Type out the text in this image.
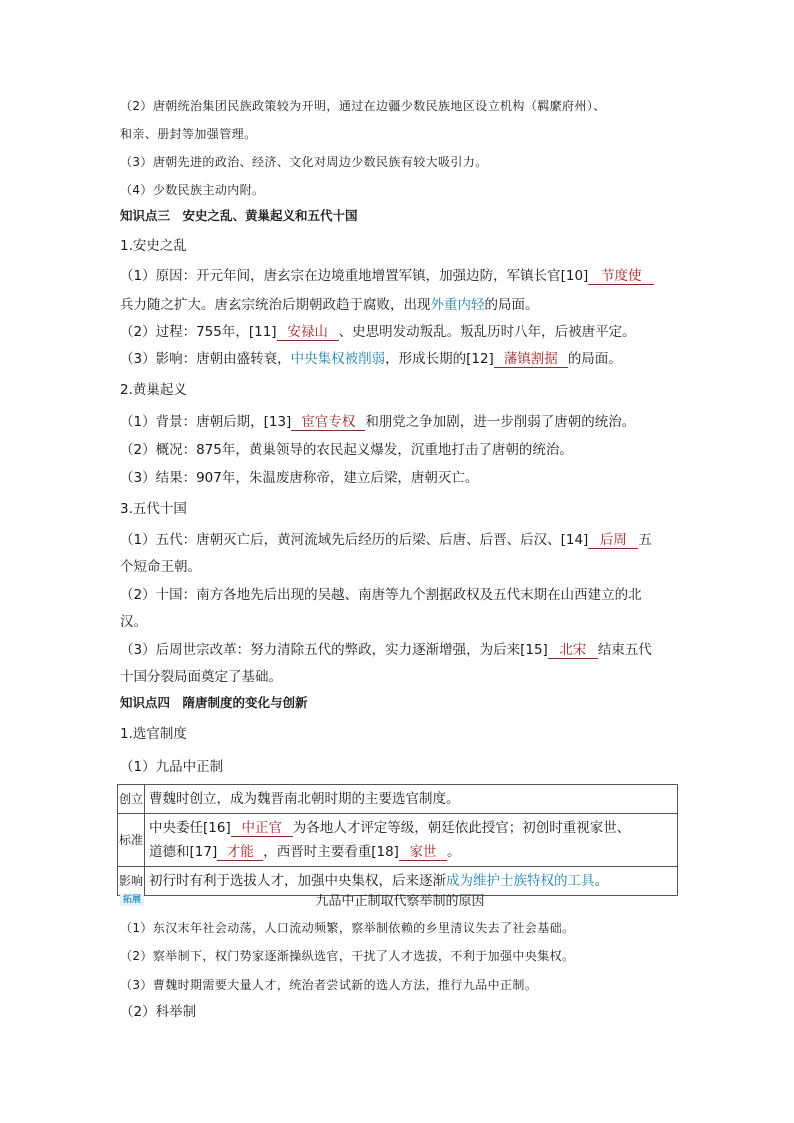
（2）唐朝统治集团民族政策较为开明，通过在边疆少数民族地区设立机构（羁縻府州）、
和亲、册封等加强管理。
（3）唐朝先进的政治、经济、文化对周边少数民族有较大吸引力。
（4）少数民族主动内附。
知识点三　安史之乱、黄巢起义和五代十国
1.安史之乱
（1）原因：开元年间，唐玄宗在边境重地增置军镇，加强边防，军镇长官[10] 节度使
兵力随之扩大。唐玄宗统治后期朝政趋于腐败，出现外重内轻的局面。
（2）过程：755年，[11] 安禄山 、史思明发动叛乱。叛乱历时八年，后被唐平定。
（3）影响：唐朝由盛转衰，中央集权被削弱，形成长期的[12] 藩镇割据 的局面。
2.黄巢起义
（1）背景：唐朝后期，[13] 宦官专权 和朋党之争加剧，进一步削弱了唐朝的统治。
（2）概况：875年，黄巢领导的农民起义爆发，沉重地打击了唐朝的统治。
（3）结果：907年，朱温废唐称帝，建立后梁，唐朝灭亡。
3.五代十国
（1）五代：唐朝灭亡后，黄河流域先后经历的后梁、后唐、后晋、后汉、[14] 后周 五
个短命王朝。
（2）十国：南方各地先后出现的吴越、南唐等九个割据政权及五代末期在山西建立的北
汉。
（3）后周世宗改革：努力清除五代的弊政，实力逐渐增强，为后来[15] 北宋 结束五代
十国分裂局面奠定了基础。
知识点四　隋唐制度的变化与创新
1.选官制度
（1）九品中正制
创立	曹魏时创立，成为魏晋南北朝时期的主要选官制度。
标准	中央委任[16] 中正官 为各地人才评定等级，朝廷依此授官；初创时重视家世、
道德和[17] 才能 ，西晋时主要看重[18] 家世 。

影响	初行时有利于选拔人才，加强中央集权，后来逐渐成为维护士族特权的工具。
拓展	九品中正制取代察举制的原因
（1）东汉末年社会动荡，人口流动频繁，察举制依赖的乡里清议失去了社会基础。
（2）察举制下，权门势家逐渐操纵选官，干扰了人才选拔，不利于加强中央集权。
（3）曹魏时期需要大量人才，统治者尝试新的选人方法，推行九品中正制。
（2）科举制
